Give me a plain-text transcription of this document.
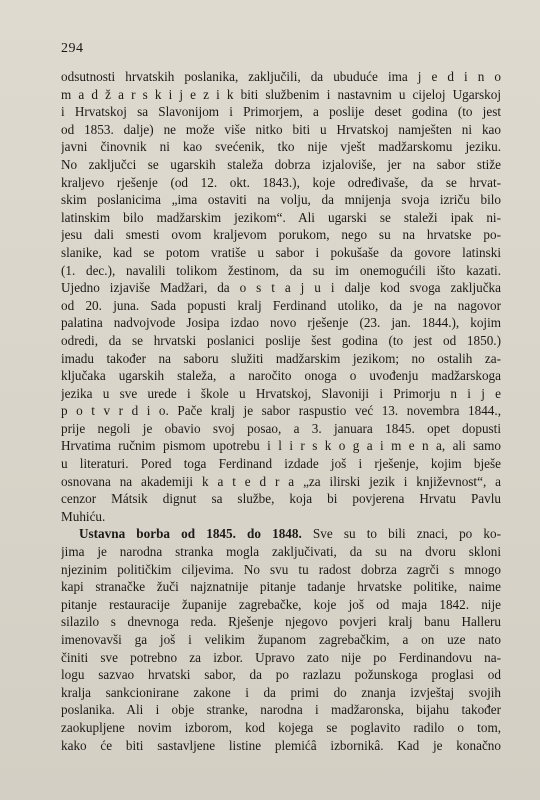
294
odsutnosti hrvatskih poslanika, zaključili, da ubuduće ima j e d i n o
m a d ž a r s k i j e z i k biti službenim i nastavnim u cijeloj Ugarskoj
i Hrvatskoj sa Slavonijom i Primorjem, a poslije deset godina (to jest
od 1853. dalje) ne može više nitko biti u Hrvatskoj namješten ni kao
javni činovnik ni kao svećenik, tko nije vješt madžarskomu jeziku.
No zaključci se ugarskih staleža dobrza izjaloviše, jer na sabor stiže
kraljevo rješenje (od 12. okt. 1843.), koje određivaše, da se hrvat-
skim poslanicima „ima ostaviti na volju, da mnijenja svoja izriču bilo
latinskim bilo madžarskim jezikom“. Ali ugarski se staleži ipak ni-
jesu dali smesti ovom kraljevom porukom, nego su na hrvatske po-
slanike, kad se potom vratiše u sabor i pokušaše da govore latinski
(1. dec.), navalili tolikom žestinom, da su im onemogućili išto kazati.
Ujedno izjaviše Madžari, da o s t a j u i dalje kod svoga zaključka
od 20. juna. Sada popusti kralj Ferdinand utoliko, da je na nagovor
palatina nadvojvode Josipa izdao novo rješenje (23. jan. 1844.), kojim
odredi, da se hrvatski poslanici poslije šest godina (to jest od 1850.)
imadu također na saboru služiti madžarskim jezikom; no ostalih za-
ključaka ugarskih staleža, a naročito onoga o uvođenju madžarskoga
jezika u sve urede i škole u Hrvatskoj, Slavoniji i Primorju n i j e
p o t v r d i o. Pače kralj je sabor raspustio već 13. novembra 1844.,
prije negoli je obavio svoj posao, a 3. januara 1845. opet dopusti
Hrvatima ručnim pismom upotrebu i l i r s k o g a i m e n a, ali samo
u literaturi. Pored toga Ferdinand izdade još i rješenje, kojim bješe
osnovana na akademiji k a t e d r a „za ilirski jezik i književnost“, a
cenzor Mátsik dignut sa službe, koja bi povjerena Hrvatu Pavlu
Muhiću.
Ustavna borba od 1845. do 1848. Sve su to bili znaci, po ko-
jima je narodna stranka mogla zaključivati, da su na dvoru skloni
njezinim političkim ciljevima. No svu tu radost dobrza zagrči s mnogo
kapi stranačke žuči najznatnije pitanje tadanje hrvatske politike, naime
pitanje restauracije županije zagrebačke, koje još od maja 1842. nije
silazilo s dnevnoga reda. Rješenje njegovo povjeri kralj banu Halleru
imenovavši ga još i velikim županom zagrebačkim, a on uze nato
činiti sve potrebno za izbor. Upravo zato nije po Ferdinandovu na-
logu sazvao hrvatski sabor, da po razlazu požunskoga proglasi od
kralja sankcionirane zakone i da primi do znanja izvještaj svojih
poslanika. Ali i obje stranke, narodna i madžaronska, bijahu također
zaokupljene novim izborom, kod kojega se poglavito radilo o tom,
kako će biti sastavljene listine plemićâ izbornikâ. Kad je konačno
